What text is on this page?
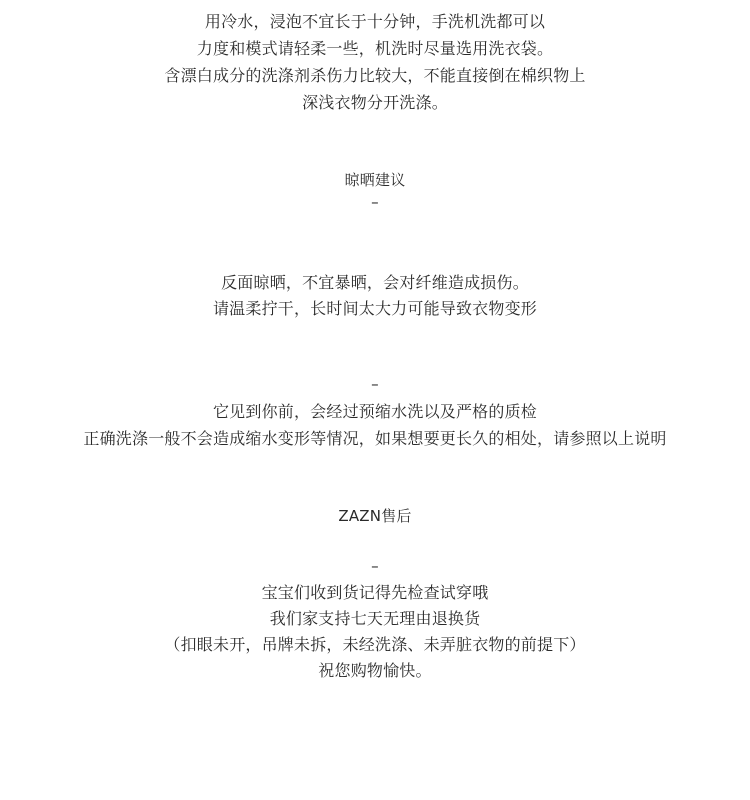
用冷水，浸泡不宜长于十分钟，手洗机洗都可以
力度和模式请轻柔一些，机洗时尽量选用洗衣袋。
含漂白成分的洗涤剂杀伤力比较大，不能直接倒在棉织物上
深浅衣物分开洗涤。
晾晒建议
–
反面晾晒，不宜暴晒，会对纤维造成损伤。
请温柔拧干，长时间太大力可能导致衣物变形
–
它见到你前，会经过预缩水洗以及严格的质检
正确洗涤一般不会造成缩水变形等情况，如果想要更长久的相处，请参照以上说明
ZAZN售后
–
宝宝们收到货记得先检查试穿哦
我们家支持七天无理由退换货
（扣眼未开，吊牌未拆，未经洗涤、未弄脏衣物的前提下）
祝您购物愉快。
